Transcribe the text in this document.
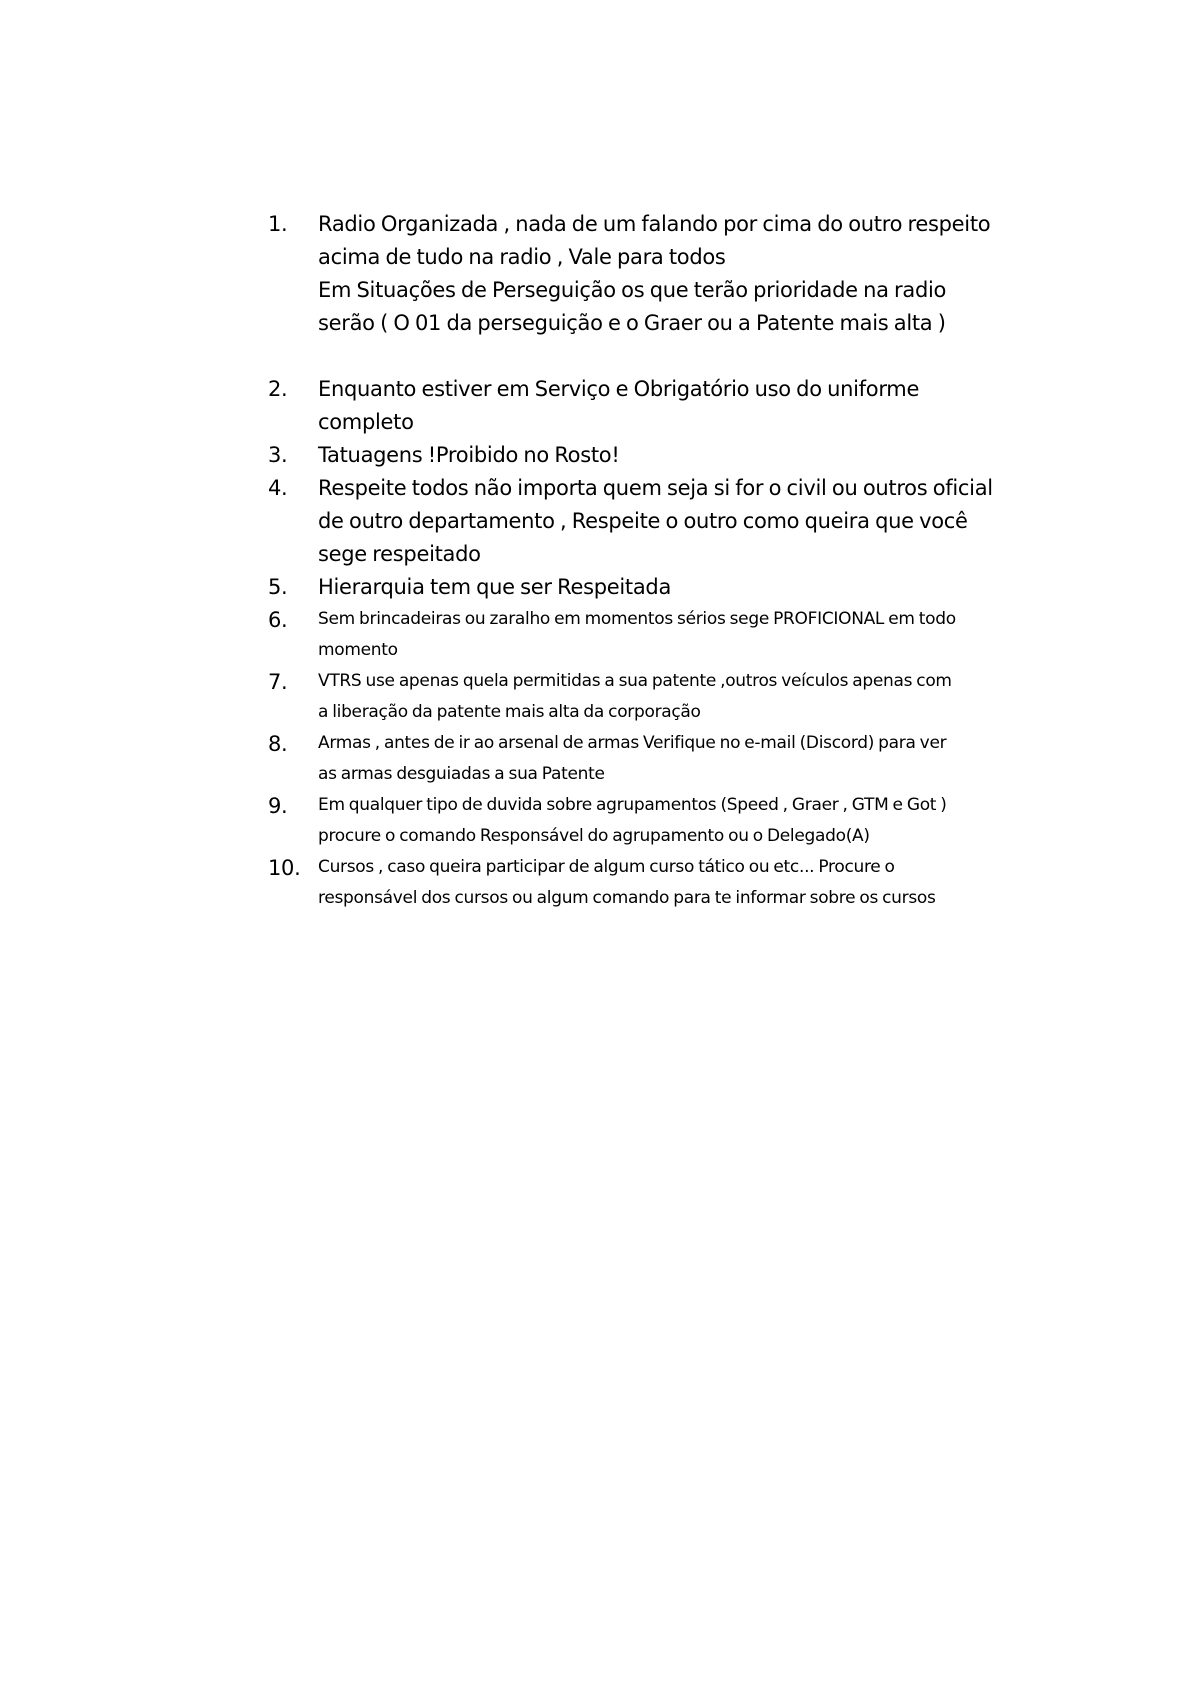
1.	Radio Organizada , nada de um falando por cima do outro respeito
acima de tudo na radio , Vale para todos
Em Situações de Perseguição os que terão prioridade na radio
serão ( O 01 da perseguição e o Graer ou a Patente mais alta )
2.	Enquanto estiver em Serviço e Obrigatório uso do uniforme
completo
3.	Tatuagens !Proibido no Rosto!
4.	Respeite todos não importa quem seja si for o civil ou outros oficial
de outro departamento , Respeite o outro como queira que você
sege respeitado
5.	Hierarquia tem que ser Respeitada
6.	Sem brincadeiras ou zaralho em momentos sérios sege PROFICIONAL em todo
momento
7.	VTRS use apenas quela permitidas a sua patente ,outros veículos apenas com
a liberação da patente mais alta da corporação
8.	Armas , antes de ir ao arsenal de armas Verifique no e-mail (Discord) para ver
as armas desguiadas a sua Patente
9.	Em qualquer tipo de duvida sobre agrupamentos (Speed , Graer , GTM e Got )
procure o comando Responsável do agrupamento ou o Delegado(A)
10.	Cursos , caso queira participar de algum curso tático ou etc... Procure o
responsável dos cursos ou algum comando para te informar sobre os cursos
